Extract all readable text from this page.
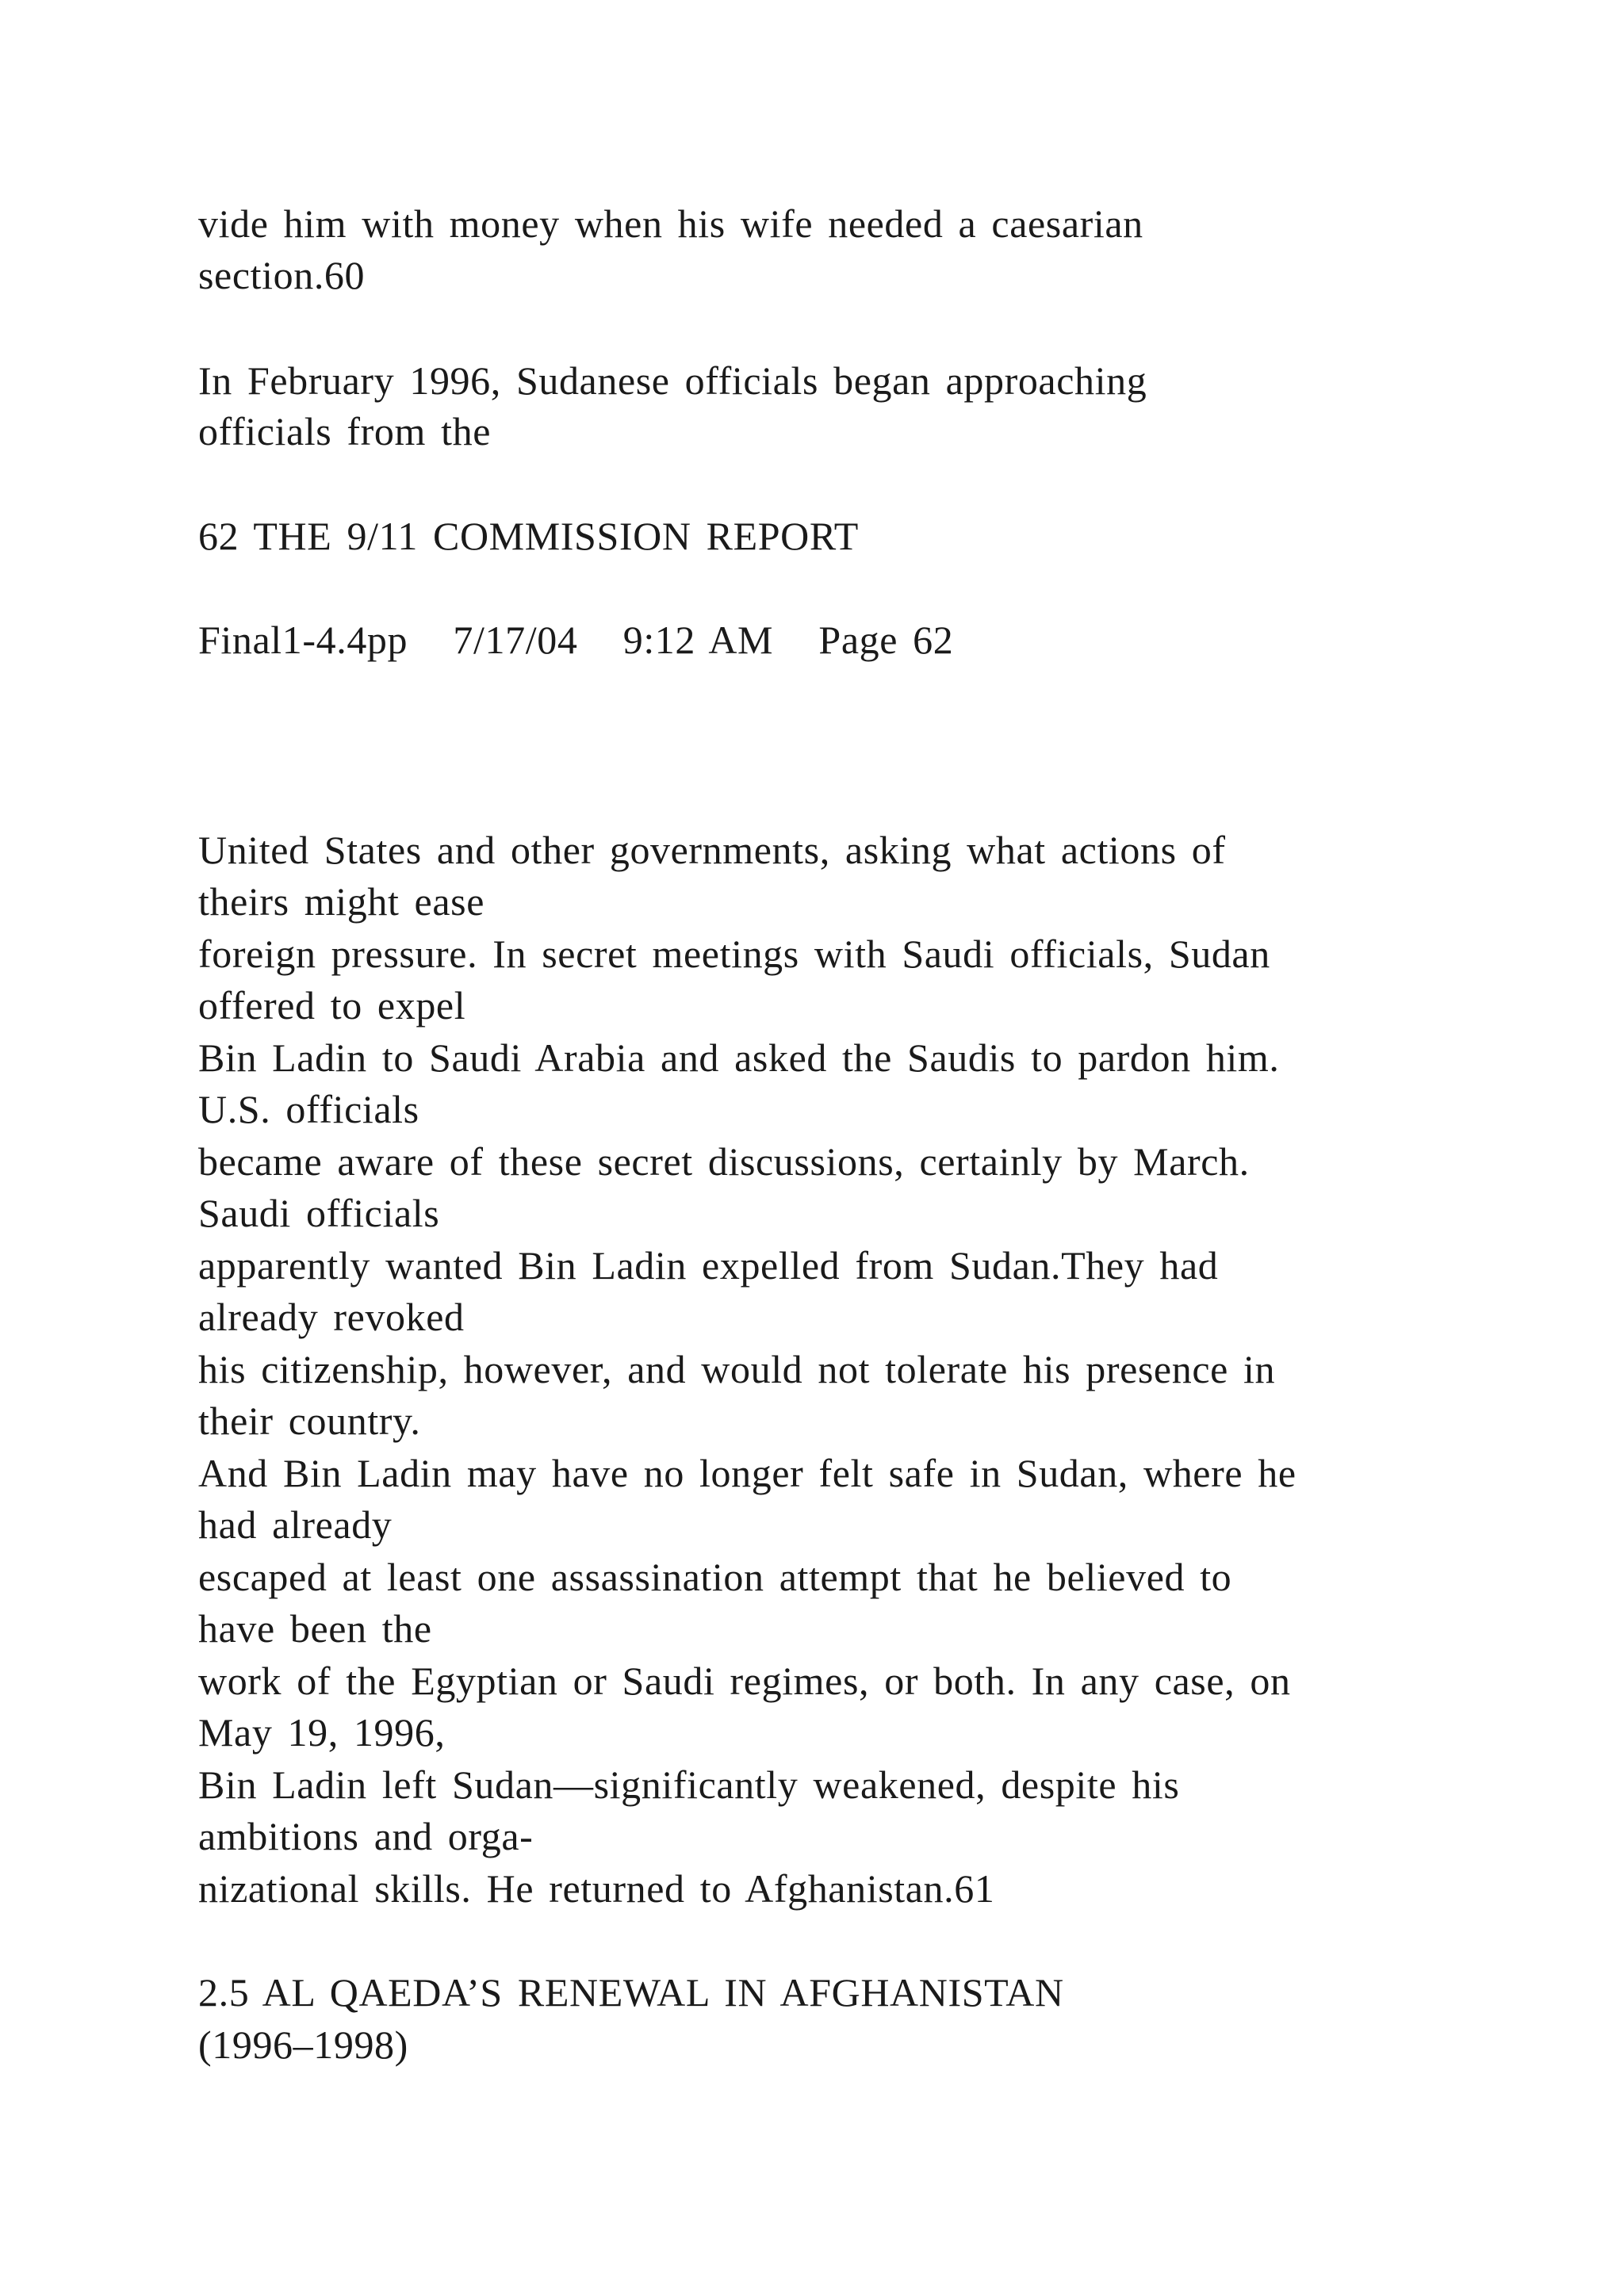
vide him with money when his wife needed a caesarian
section.60
In February 1996, Sudanese officials began approaching
officials from the
62 THE 9/11 COMMISSION REPORT
Final1-4.4pp   7/17/04   9:12 AM   Page 62
United States and other governments, asking what actions of
theirs might ease
foreign pressure. In secret meetings with Saudi officials, Sudan
offered to expel
Bin Ladin to Saudi Arabia and asked the Saudis to pardon him.
U.S. officials
became aware of these secret discussions, certainly by March.
Saudi officials
apparently wanted Bin Ladin expelled from Sudan.They had
already revoked
his citizenship, however, and would not tolerate his presence in
their country.
And Bin Ladin may have no longer felt safe in Sudan, where he
had already
escaped at least one assassination attempt that he believed to
have been the
work of the Egyptian or Saudi regimes, or both. In any case, on
May 19, 1996,
Bin Ladin left Sudan—significantly weakened, despite his
ambitions and orga-
nizational skills. He returned to Afghanistan.61
2.5 AL QAEDA’S RENEWAL IN AFGHANISTAN
(1996–1998)
